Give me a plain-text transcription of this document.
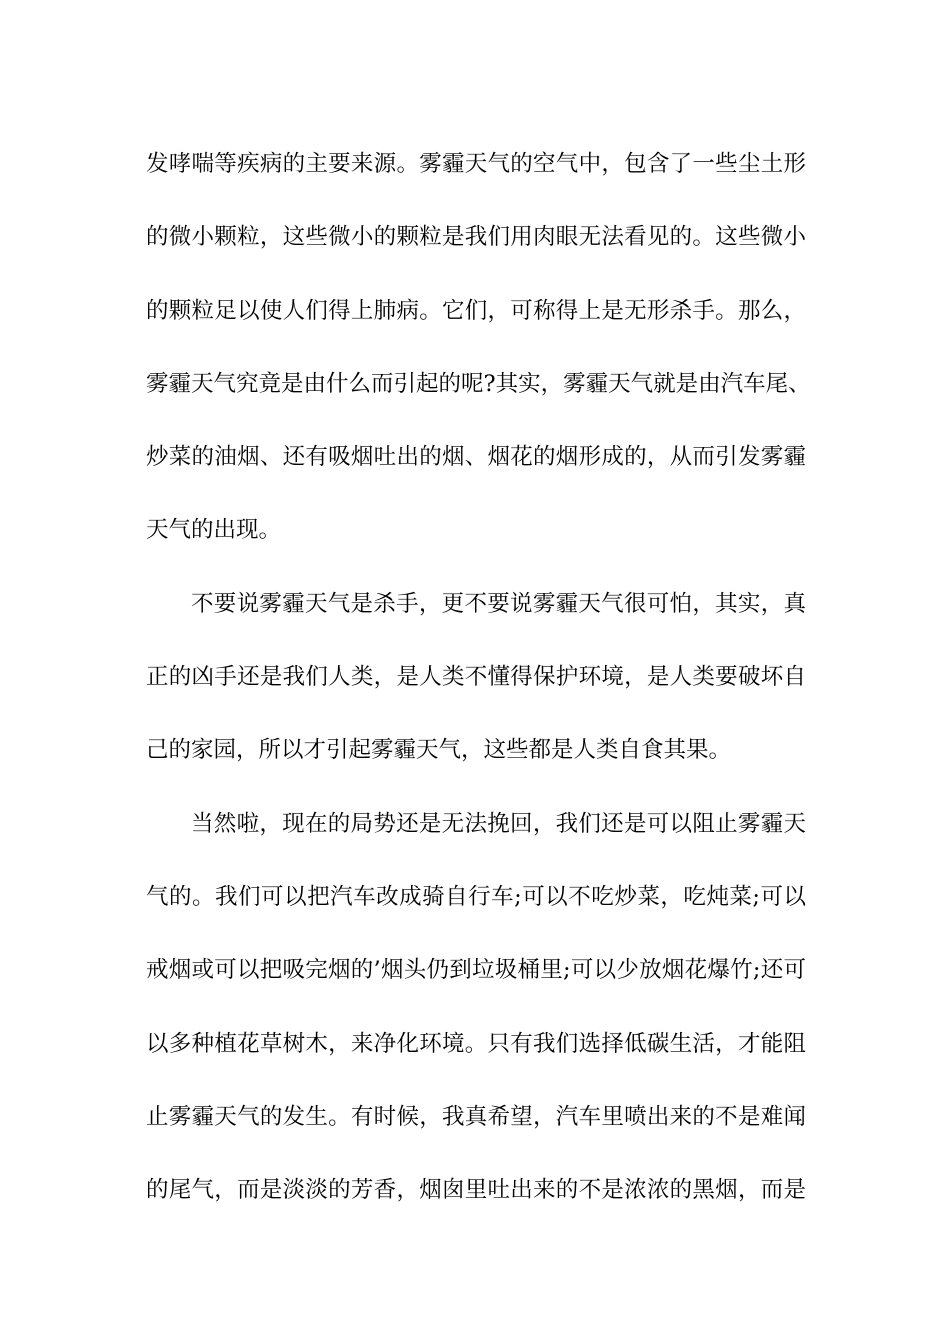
发哮喘等疾病的主要来源。雾霾天气的空气中，包含了一些尘土形
的微小颗粒，这些微小的颗粒是我们用肉眼无法看见的。这些微小
的颗粒足以使人们得上肺病。它们，可称得上是无形杀手。那么，
雾霾天气究竟是由什么而引起的呢?其实，雾霾天气就是由汽车尾、
炒菜的油烟、还有吸烟吐出的烟、烟花的烟形成的，从而引发雾霾
天气的出现。
不要说雾霾天气是杀手，更不要说雾霾天气很可怕，其实，真
正的凶手还是我们人类，是人类不懂得保护环境，是人类要破坏自
己的家园，所以才引起雾霾天气，这些都是人类自食其果。
当然啦，现在的局势还是无法挽回，我们还是可以阻止雾霾天
气的。我们可以把汽车改成骑自行车;可以不吃炒菜，吃炖菜;可以
戒烟或可以把吸完烟的’烟头仍到垃圾桶里;可以少放烟花爆竹;还可
以多种植花草树木，来净化环境。只有我们选择低碳生活，才能阻
止雾霾天气的发生。有时候，我真希望，汽车里喷出来的不是难闻
的尾气，而是淡淡的芳香，烟囱里吐出来的不是浓浓的黑烟，而是
